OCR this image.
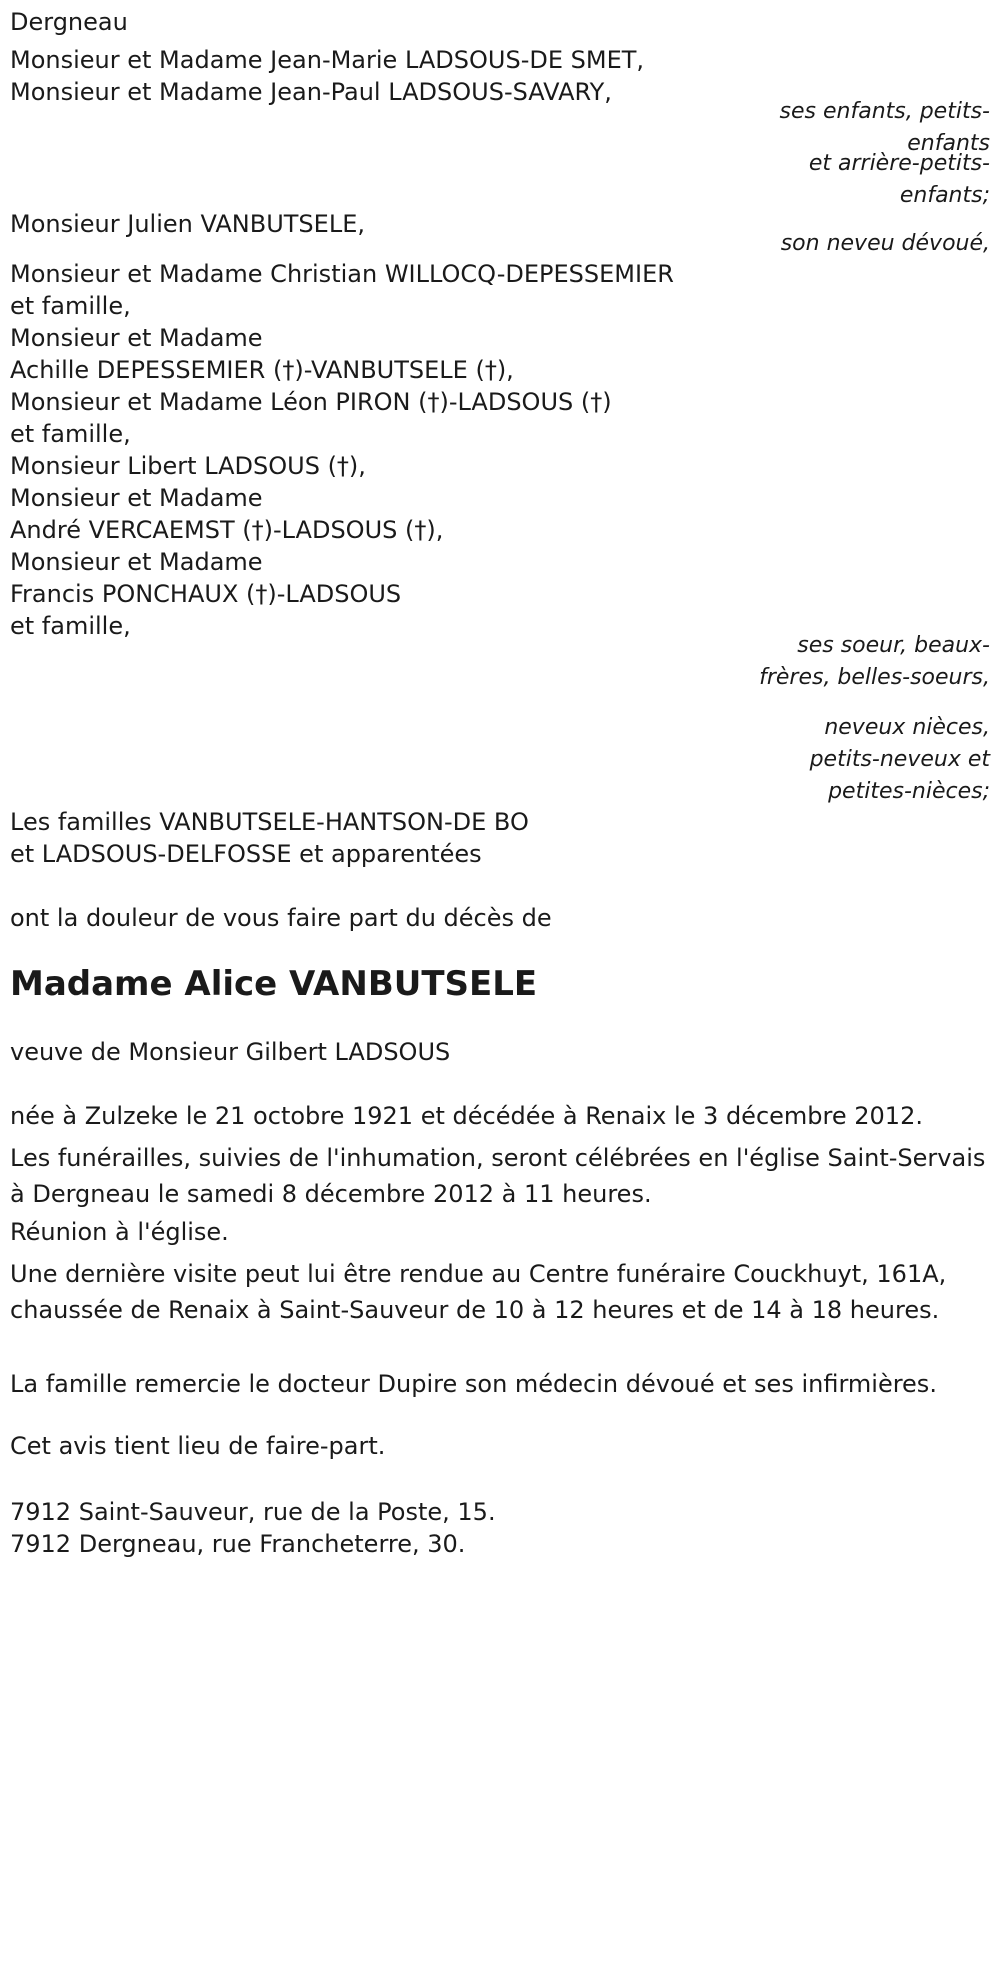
Dergneau
Monsieur et Madame Jean-Marie LADSOUS-DE SMET,
Monsieur et Madame Jean-Paul LADSOUS-SAVARY,
ses enfants, petits-enfants
et arrière-petits-enfants;
Monsieur Julien VANBUTSELE,
son neveu dévoué,
Monsieur et Madame Christian WILLOCQ-DEPESSEMIER
et famille,
Monsieur et Madame
Achille DEPESSEMIER (†)-VANBUTSELE (†),
Monsieur et Madame Léon PIRON (†)-LADSOUS (†)
et famille,
Monsieur Libert LADSOUS (†),
Monsieur et Madame
André VERCAEMST (†)-LADSOUS (†),
Monsieur et Madame
Francis PONCHAUX (†)-LADSOUS
et famille,
ses soeur, beaux-frères, belles-soeurs,
neveux nièces,
petits-neveux et petites-nièces;
Les familles VANBUTSELE-HANTSON-DE BO
et LADSOUS-DELFOSSE et apparentées
ont la douleur de vous faire part du décès de
Madame Alice VANBUTSELE
veuve de Monsieur Gilbert LADSOUS
née à Zulzeke le 21 octobre 1921 et décédée à Renaix le 3 décembre 2012.
Les funérailles, suivies de l'inhumation, seront célébrées en l'église Saint-Servais à Dergneau le samedi 8 décembre 2012 à 11 heures.
Réunion à l'église.
Une dernière visite peut lui être rendue au Centre funéraire Couckhuyt, 161A, chaussée de Renaix à Saint-Sauveur de 10 à 12 heures et de 14 à 18 heures.
La famille remercie le docteur Dupire son médecin dévoué et ses infirmières.
Cet avis tient lieu de faire-part.
7912 Saint-Sauveur, rue de la Poste, 15.
7912 Dergneau, rue Francheterre, 30.
